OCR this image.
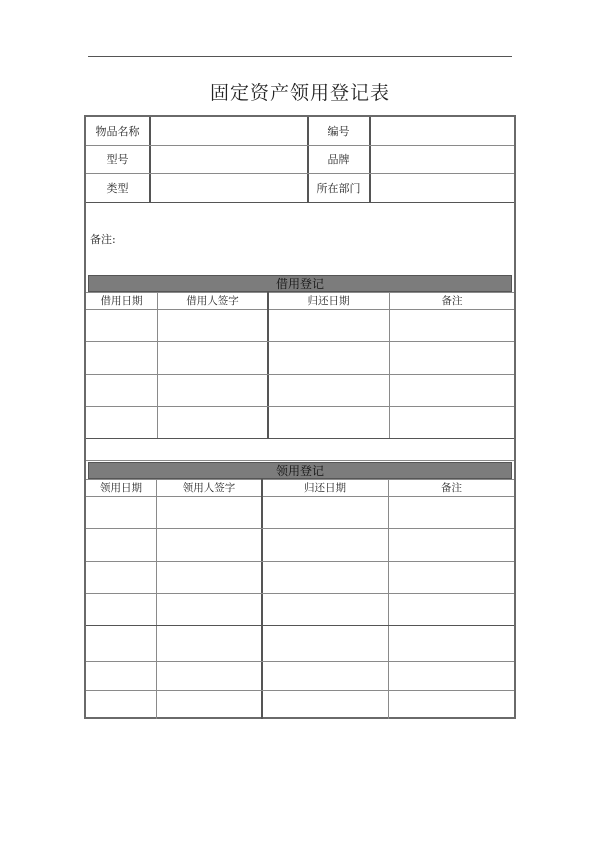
固定资产领用登记表
物品名称	编号
型号	品牌
类型	所在部门
备注:
借用登记
借用日期	借用人签字	归还日期	备注
领用登记
领用日期	领用人签字	归还日期	备注
